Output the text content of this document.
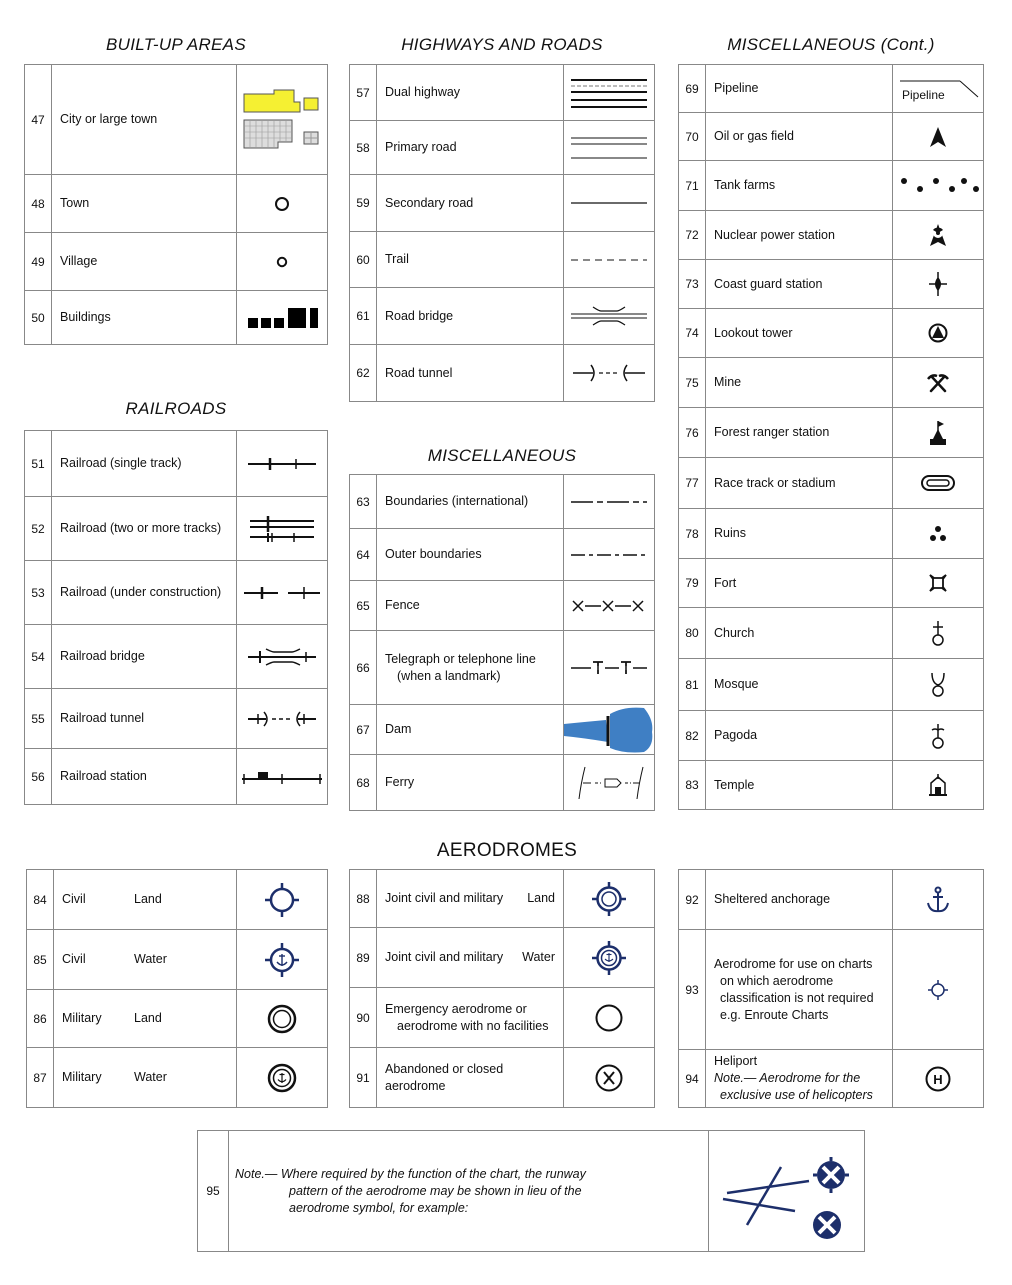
BUILT-UP AREAS	HIGHWAYS AND ROADS	MISCELLANEOUS (Cont.)
RAILROADS
MISCELLANEOUS
AERODROMES
47	City or large town	

48	Town	

49	Village	

50	Buildings	
51	Railroad (single track)	

52	Railroad (two or more tracks)	

53	Railroad (under construction)	

54	Railroad bridge	

55	Railroad tunnel	

56	Railroad station	
57	Dual highway	

58	Primary road	

59	Secondary road	

60	Trail	

61	Road bridge	

62	Road tunnel	
63	Boundaries (international)	

64	Outer boundaries	

65	Fence	

66	Telegraph or telephone line
(when a landmark)	

67	Dam	

68	Ferry	
69	Pipeline	Pipeline

70	Oil or gas field	

71	Tank farms	

72	Nuclear power station	

73	Coast guard station	

74	Lookout tower	

75	Mine	

76	Forest ranger station	

77	Race track or stadium	

78	Ruins	

79	Fort	

80	Church	

81	Mosque	

82	Pagoda	

83	Temple	
84	Civil Land	

85	Civil Water	

86	Military Land	

87	Military Water	
88	Joint civil and military Land

89	Joint civil and military Water

90	Emergency aerodrome or
aerodrome with no facilities	

91	Abandoned or closed aerodrome	
92	Sheltered anchorage	

93	Aerodrome for use on charts
on which aerodrome classification is not required e.g. Enroute Charts	

94	Heliport
Note.— Aerodrome for the
exclusive use of helicopters	H
95	
Note.— Where required by the function of the chart, the runway
pattern of the aerodrome may be shown in lieu of the
aerodrome symbol, for example:
